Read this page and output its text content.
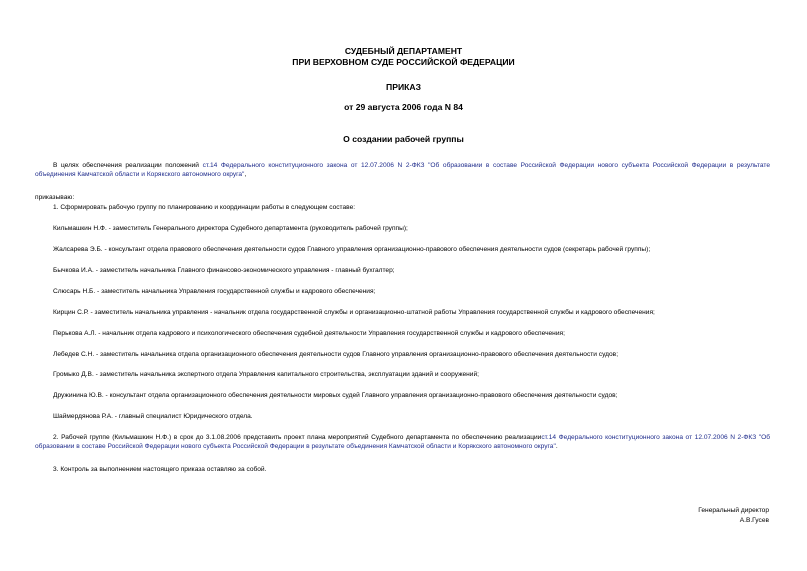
СУДЕБНЫЙ ДЕПАРТАМЕНТ
ПРИ ВЕРХОВНОМ СУДЕ РОССИЙСКОЙ ФЕДЕРАЦИИ
ПРИКАЗ
от 29 августа 2006 года N 84
О создании рабочей группы
В целях обеспечения реализации положений ст.14 Федерального конституционного закона от 12.07.2006 N 2-ФКЗ "Об образовании в составе Российской Федерации нового субъекта Российской Федерации в результате объединения Камчатской области и Корякского автономного округа",
приказываю:
1. Сформировать рабочую группу по планированию и координации работы в следующем составе:
Кильмашкин Н.Ф. - заместитель Генерального директора Судебного департамента (руководитель рабочей группы);
Жалсарева Э.Б. - консультант отдела правового обеспечения деятельности судов Главного управления организационно-правового обеспечения деятельности судов (секретарь рабочей группы);
Бычкова И.А. - заместитель начальника Главного финансово-экономического управления - главный бухгалтер;
Слюсарь Н.Б. - заместитель начальника Управления государственной службы и кадрового обеспечения;
Кирцин С.Р. - заместитель начальника управления - начальник отдела государственной службы и организационно-штатной работы Управления государственной службы и кадрового обеспечения;
Перькова А.Л. - начальник отдела кадрового и психологического обеспечения судебной деятельности Управления государственной службы и кадрового обеспечения;
Лебедев С.Н. - заместитель начальника отдела организационного обеспечения деятельности судов Главного управления организационно-правового обеспечения деятельности судов;
Громыко Д.В. - заместитель начальника экспертного отдела Управления капитального строительства, эксплуатации зданий и сооружений;
Дружинина Ю.В. - консультант отдела организационного обеспечения деятельности мировых судей Главного управления организационно-правового обеспечения деятельности судов;
Шаймердянова Р.А. - главный специалист Юридического отдела.
2. Рабочей группе (Кильмашкин Н.Ф.) в срок до 3.1.08.2006 представить проект плана мероприятий Судебного департамента по обеспечению реализациист.14 Федерального конституционного закона от 12.07.2006 N 2-ФКЗ "Об образовании в составе Российской Федерации нового субъекта Российской Федерации в результате объединения Камчатской области и Корякского автономного округа".
3. Контроль за выполнением настоящего приказа оставляю за собой.
Генеральный директор
А.В.Гусев
